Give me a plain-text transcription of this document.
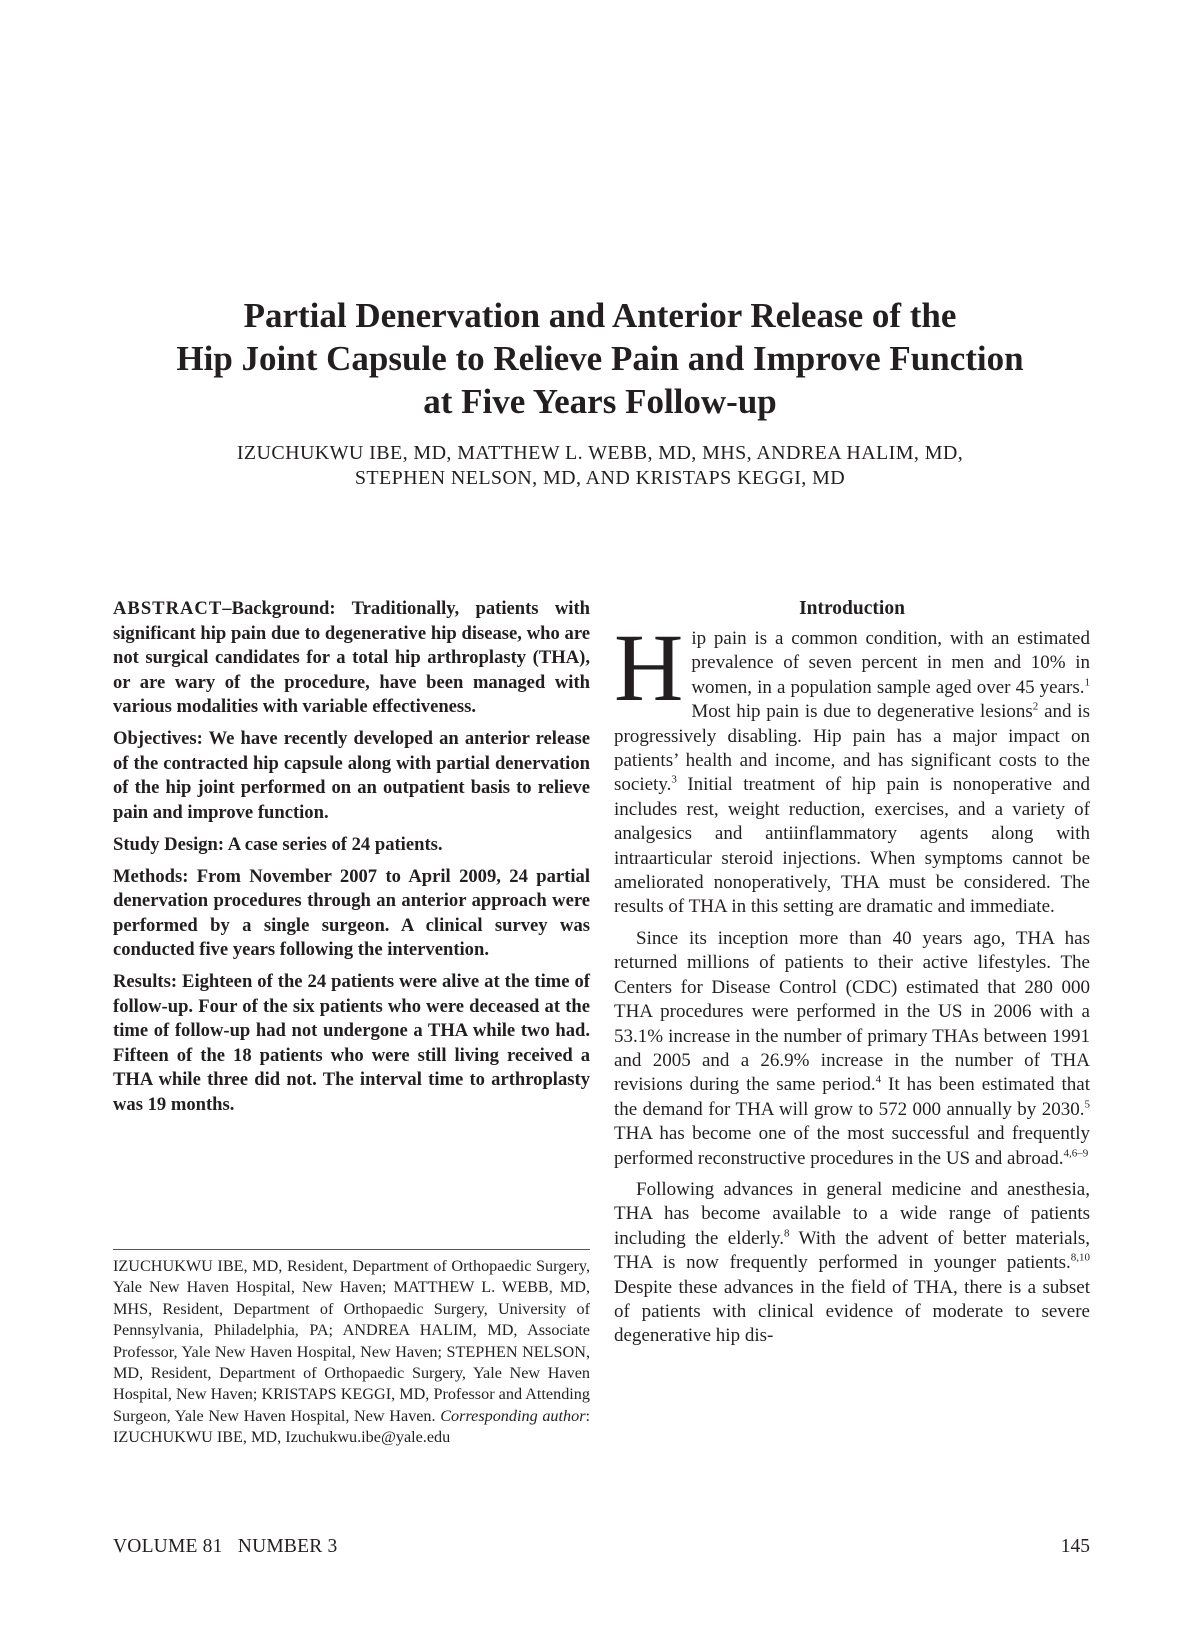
Partial Denervation and Anterior Release of the
Hip Joint Capsule to Relieve Pain and Improve Function
at Five Years Follow-up
IZUCHUKWU IBE, MD, MATTHEW L. WEBB, MD, MHS, ANDREA HALIM, MD,
STEPHEN NELSON, MD, AND KRISTAPS KEGGI, MD

ABSTRACT–Background: Traditionally, patients with significant hip pain due to degenerative hip disease, who are not surgical candidates for a total hip arthroplasty (THA), or are wary of the procedure, have been managed with various modalities with variable effectiveness.

Objectives: We have recently developed an anterior release of the contracted hip capsule along with partial denervation of the hip joint performed on an outpatient basis to relieve pain and improve function.

Study Design: A case series of 24 patients.

Methods: From November 2007 to April 2009, 24 partial denervation procedures through an anterior approach were performed by a single surgeon. A clinical survey was conducted five years following the intervention.

Results: Eighteen of the 24 patients were alive at the time of follow-up. Four of the six patients who were deceased at the time of follow-up had not undergone a THA while two had. Fifteen of the 18 patients who were still living received a THA while three did not. The interval time to arthroplasty was 19 months.

IZUCHUKWU IBE, MD, Resident, Department of Orthopaedic Surgery, Yale New Haven Hospital, New Haven; MATTHEW L. WEBB, MD, MHS, Resident, Department of Orthopaedic Surgery, University of Pennsylvania, Philadelphia, PA; ANDREA HALIM, MD, Associate Professor, Yale New Haven Hospital, New Haven; STEPHEN NELSON, MD, Resident, Department of Orthopaedic Surgery, Yale New Haven Hospital, New Haven; KRISTAPS KEGGI, MD, Professor and Attending Surgeon, Yale New Haven Hospital, New Haven. Corresponding author: IZUCHUKWU IBE, MD, Izuchukwu.ibe@yale.edu
Introduction

Hip pain is a common condition, with an estimated prevalence of seven percent in men and 10% in women, in a population sample aged over 45 years.$^1$ Most hip pain is due to degenerative lesions$^2$ and is progressively disabling. Hip pain has a major impact on patients’ health and income, and has significant costs to the society.$^3$ Initial treatment of hip pain is nonoperative and includes rest, weight reduction, exercises, and a variety of analgesics and antiinflammatory agents along with intraarticular steroid injections. When symptoms cannot be ameliorated nonoperatively, THA must be considered. The results of THA in this setting are dramatic and immediate.

Since its inception more than 40 years ago, THA has returned millions of patients to their active lifestyles. The Centers for Disease Control (CDC) estimated that 280 000 THA procedures were performed in the US in 2006 with a 53.1% increase in the number of primary THAs between 1991 and 2005 and a 26.9% increase in the number of THA revisions during the same period.$^4$ It has been estimated that the demand for THA will grow to 572 000 annually by 2030.$^5$ THA has become one of the most successful and frequently performed reconstructive procedures in the US and abroad.$^{4,6-9}$

Following advances in general medicine and anesthesia, THA has become available to a wide range of patients including the elderly.$^8$ With the advent of better materials, THA is now frequently performed in younger patients.$^{8,10}$ Despite these advances in the field of THA, there is a subset of patients with clinical evidence of moderate to severe degenerative hip dis-

VOLUME 81   NUMBER 3	145
